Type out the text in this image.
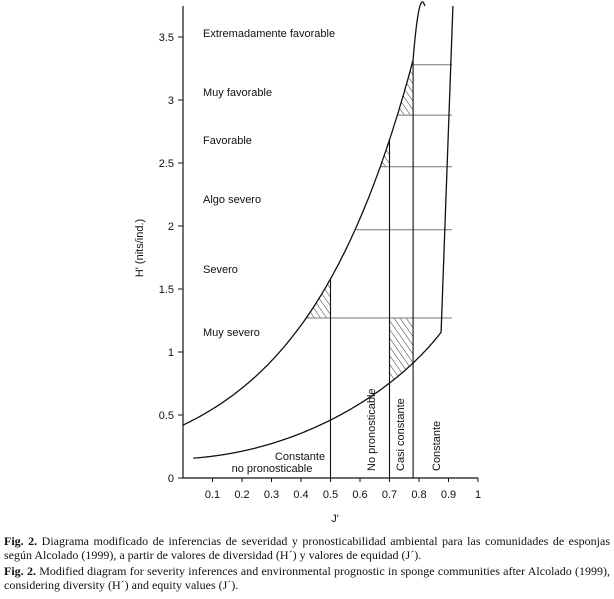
0
0.5
1
1.5
2
2.5
3
3.5
0.1 0.2 0.3 0.4 0.5 0.6 0.7 0.8 0.9 1
Extremadamente favorable
Muy favorable
Favorable
Algo severo
Severo
Muy severo
No pronosticable Casi constante Constante
Constante
no pronosticable
H' (nits/ind.)
J'
Fig. 2. Diagrama modificado de inferencias de severidad y pronosticabilidad ambiental para las comunidades de esponjas según Alcolado (1999), a partir de valores de diversidad (H´) y valores de equidad (J´).
Fig. 2. Modified diagram for severity inferences and environmental prognostic in sponge communities after Alcolado (1999), considering diversity (H´) and equity values (J´).
